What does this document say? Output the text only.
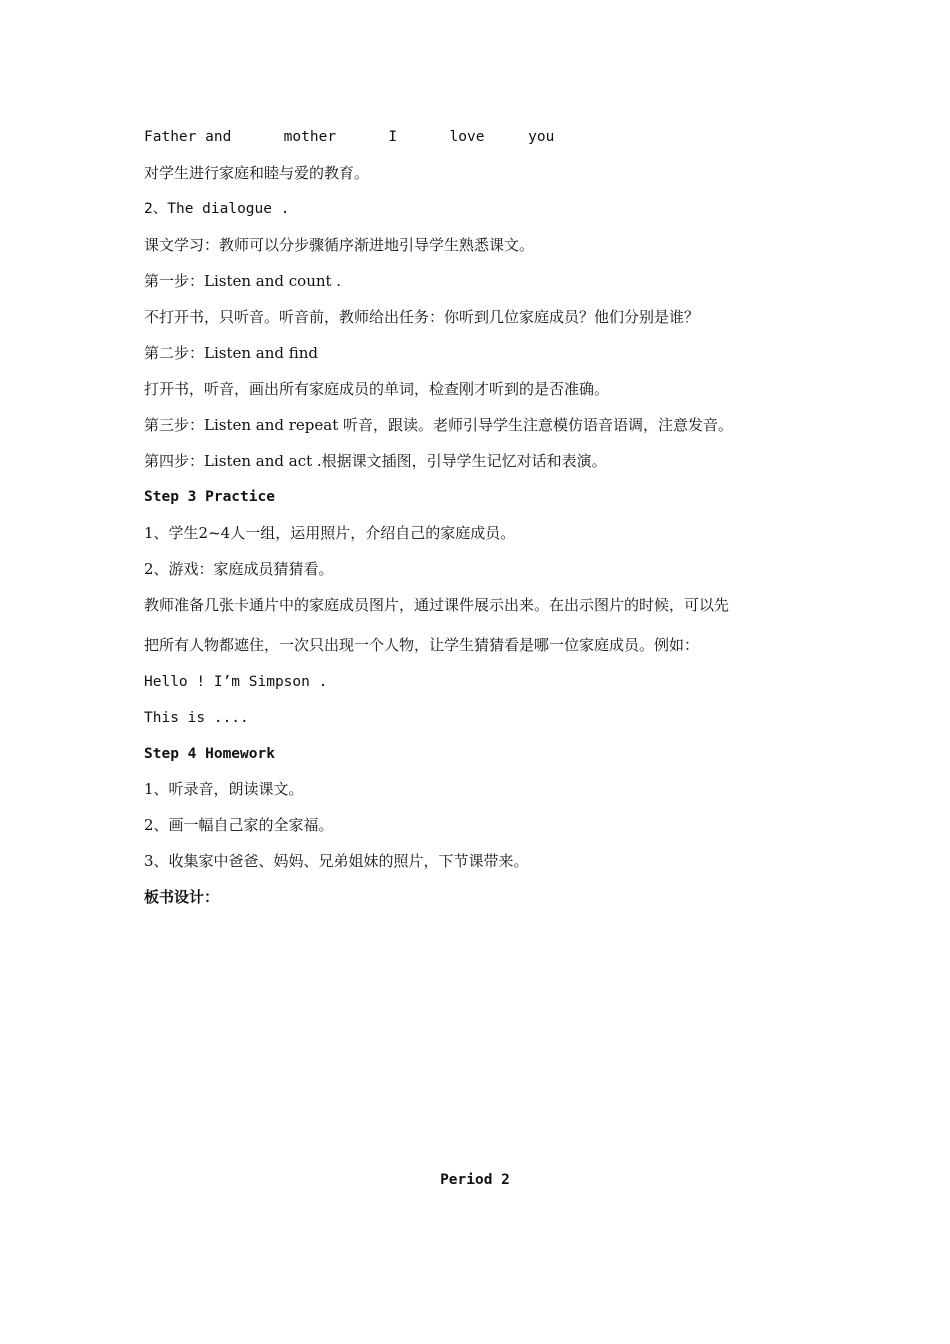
Father and      mother      I      love     you
对学生进行家庭和睦与爱的教育。
2、The dialogue .
课文学习：教师可以分步骤循序渐进地引导学生熟悉课文。
第一步：Listen and count .
不打开书，只听音。听音前，教师给出任务：你听到几位家庭成员？他们分别是谁？
第二步：Listen and find
打开书，听音，画出所有家庭成员的单词，检查刚才听到的是否准确。
第三步：Listen and repeat 听音，跟读。老师引导学生注意模仿语音语调，注意发音。
第四步：Listen and act .根据课文插图，引导学生记忆对话和表演。
Step 3 Practice
1、学生2~4人一组，运用照片，介绍自己的家庭成员。
2、游戏：家庭成员猜猜看。
教师准备几张卡通片中的家庭成员图片，通过课件展示出来。在出示图片的时候，可以先
把所有人物都遮住，一次只出现一个人物，让学生猜猜看是哪一位家庭成员。例如：
Hello ! I’m Simpson .
This is ....
Step 4 Homework
1、听录音，朗读课文。
2、画一幅自己家的全家福。
3、收集家中爸爸、妈妈、兄弟姐妹的照片，下节课带来。
板书设计：
Period 2
